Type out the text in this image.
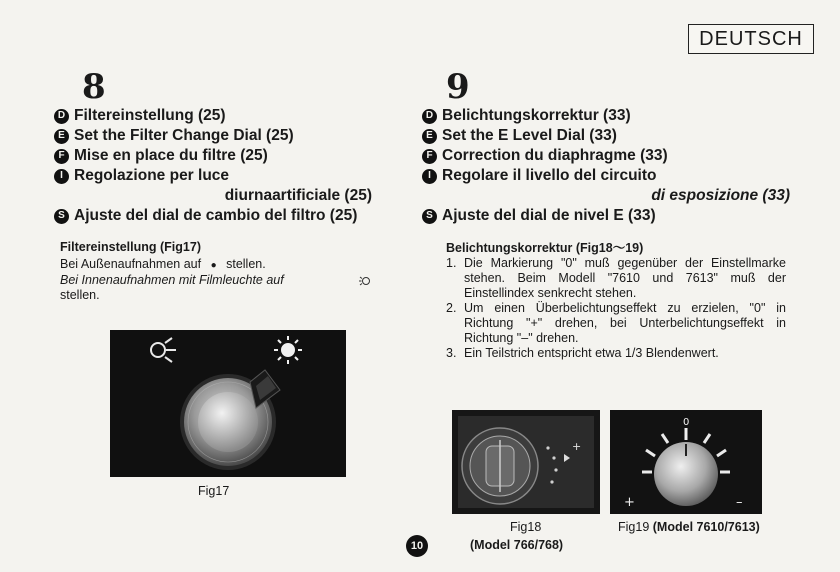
DEUTSCH
8
D Filtereinstellung (25)
E Set the Filter Change Dial (25)
F Mise en place du filtre (25)
I Regolazione per luce
diurnaartificiale (25)
S Ajuste del dial de cambio del filtro (25)
Filtereinstellung (Fig17)
Bei Außenaufnahmen auf ● stellen.
Bei Innenaufnahmen mit Filmleuchte auf
stellen.
Fig17
9
D Belichtungskorrektur (33)
E Set the E Level Dial (33)
F Correction du diaphragme (33)
I Regolare il livello del circuito
di esposizione (33)
S Ajuste del dial de nivel E (33)
Belichtungskorrektur (Fig18～19)
1. Die Markierung "0" muß gegenüber der Einstellmarke stehen. Beim Modell "7610 und 7613" muß der Einstellindex senkrecht stehen.
2. Um einen Überbelichtungseffekt zu erzielen, "0" in Richtung "+" drehen, bei Unterbelichtungseffekt in Richtung "–" drehen.
3. Ein Teilstrich entspricht etwa 1/3 Blendenwert.
+
Fig18
(Model 766/768)
0
+	–
Fig19 (Model 7610/7613)
10
